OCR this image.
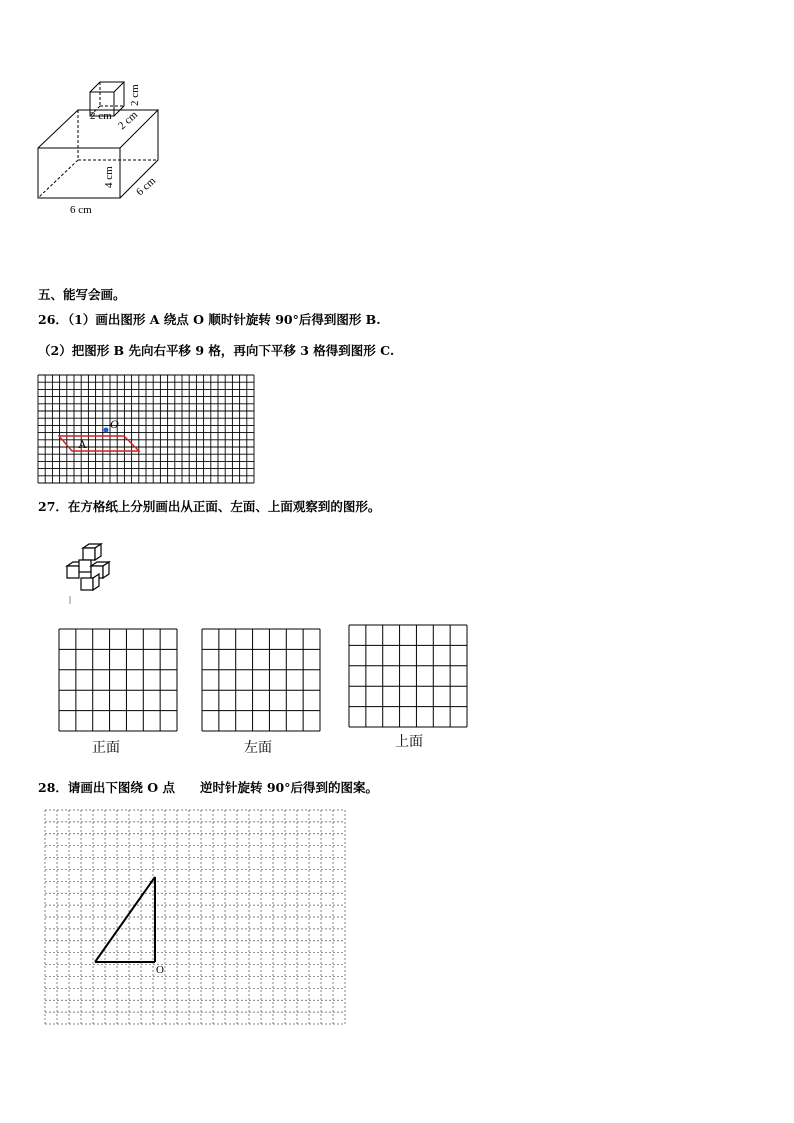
2 cm 2 cm
2 cm
4 cm 6 cm
6 cm
五、能写会画。
26．（1）画出图形 A 绕点 O 顺时针旋转 90°后得到图形 B.
（2）把图形 B 先向右平移 9 格，再向下平移 3 格得到图形 C.
A
O
27．在方格纸上分别画出从正面、左面、上面观察到的图形。
正面	左面	上面
28．请画出下图绕 O 点　　逆时针旋转 90°后得到的图案。
O
